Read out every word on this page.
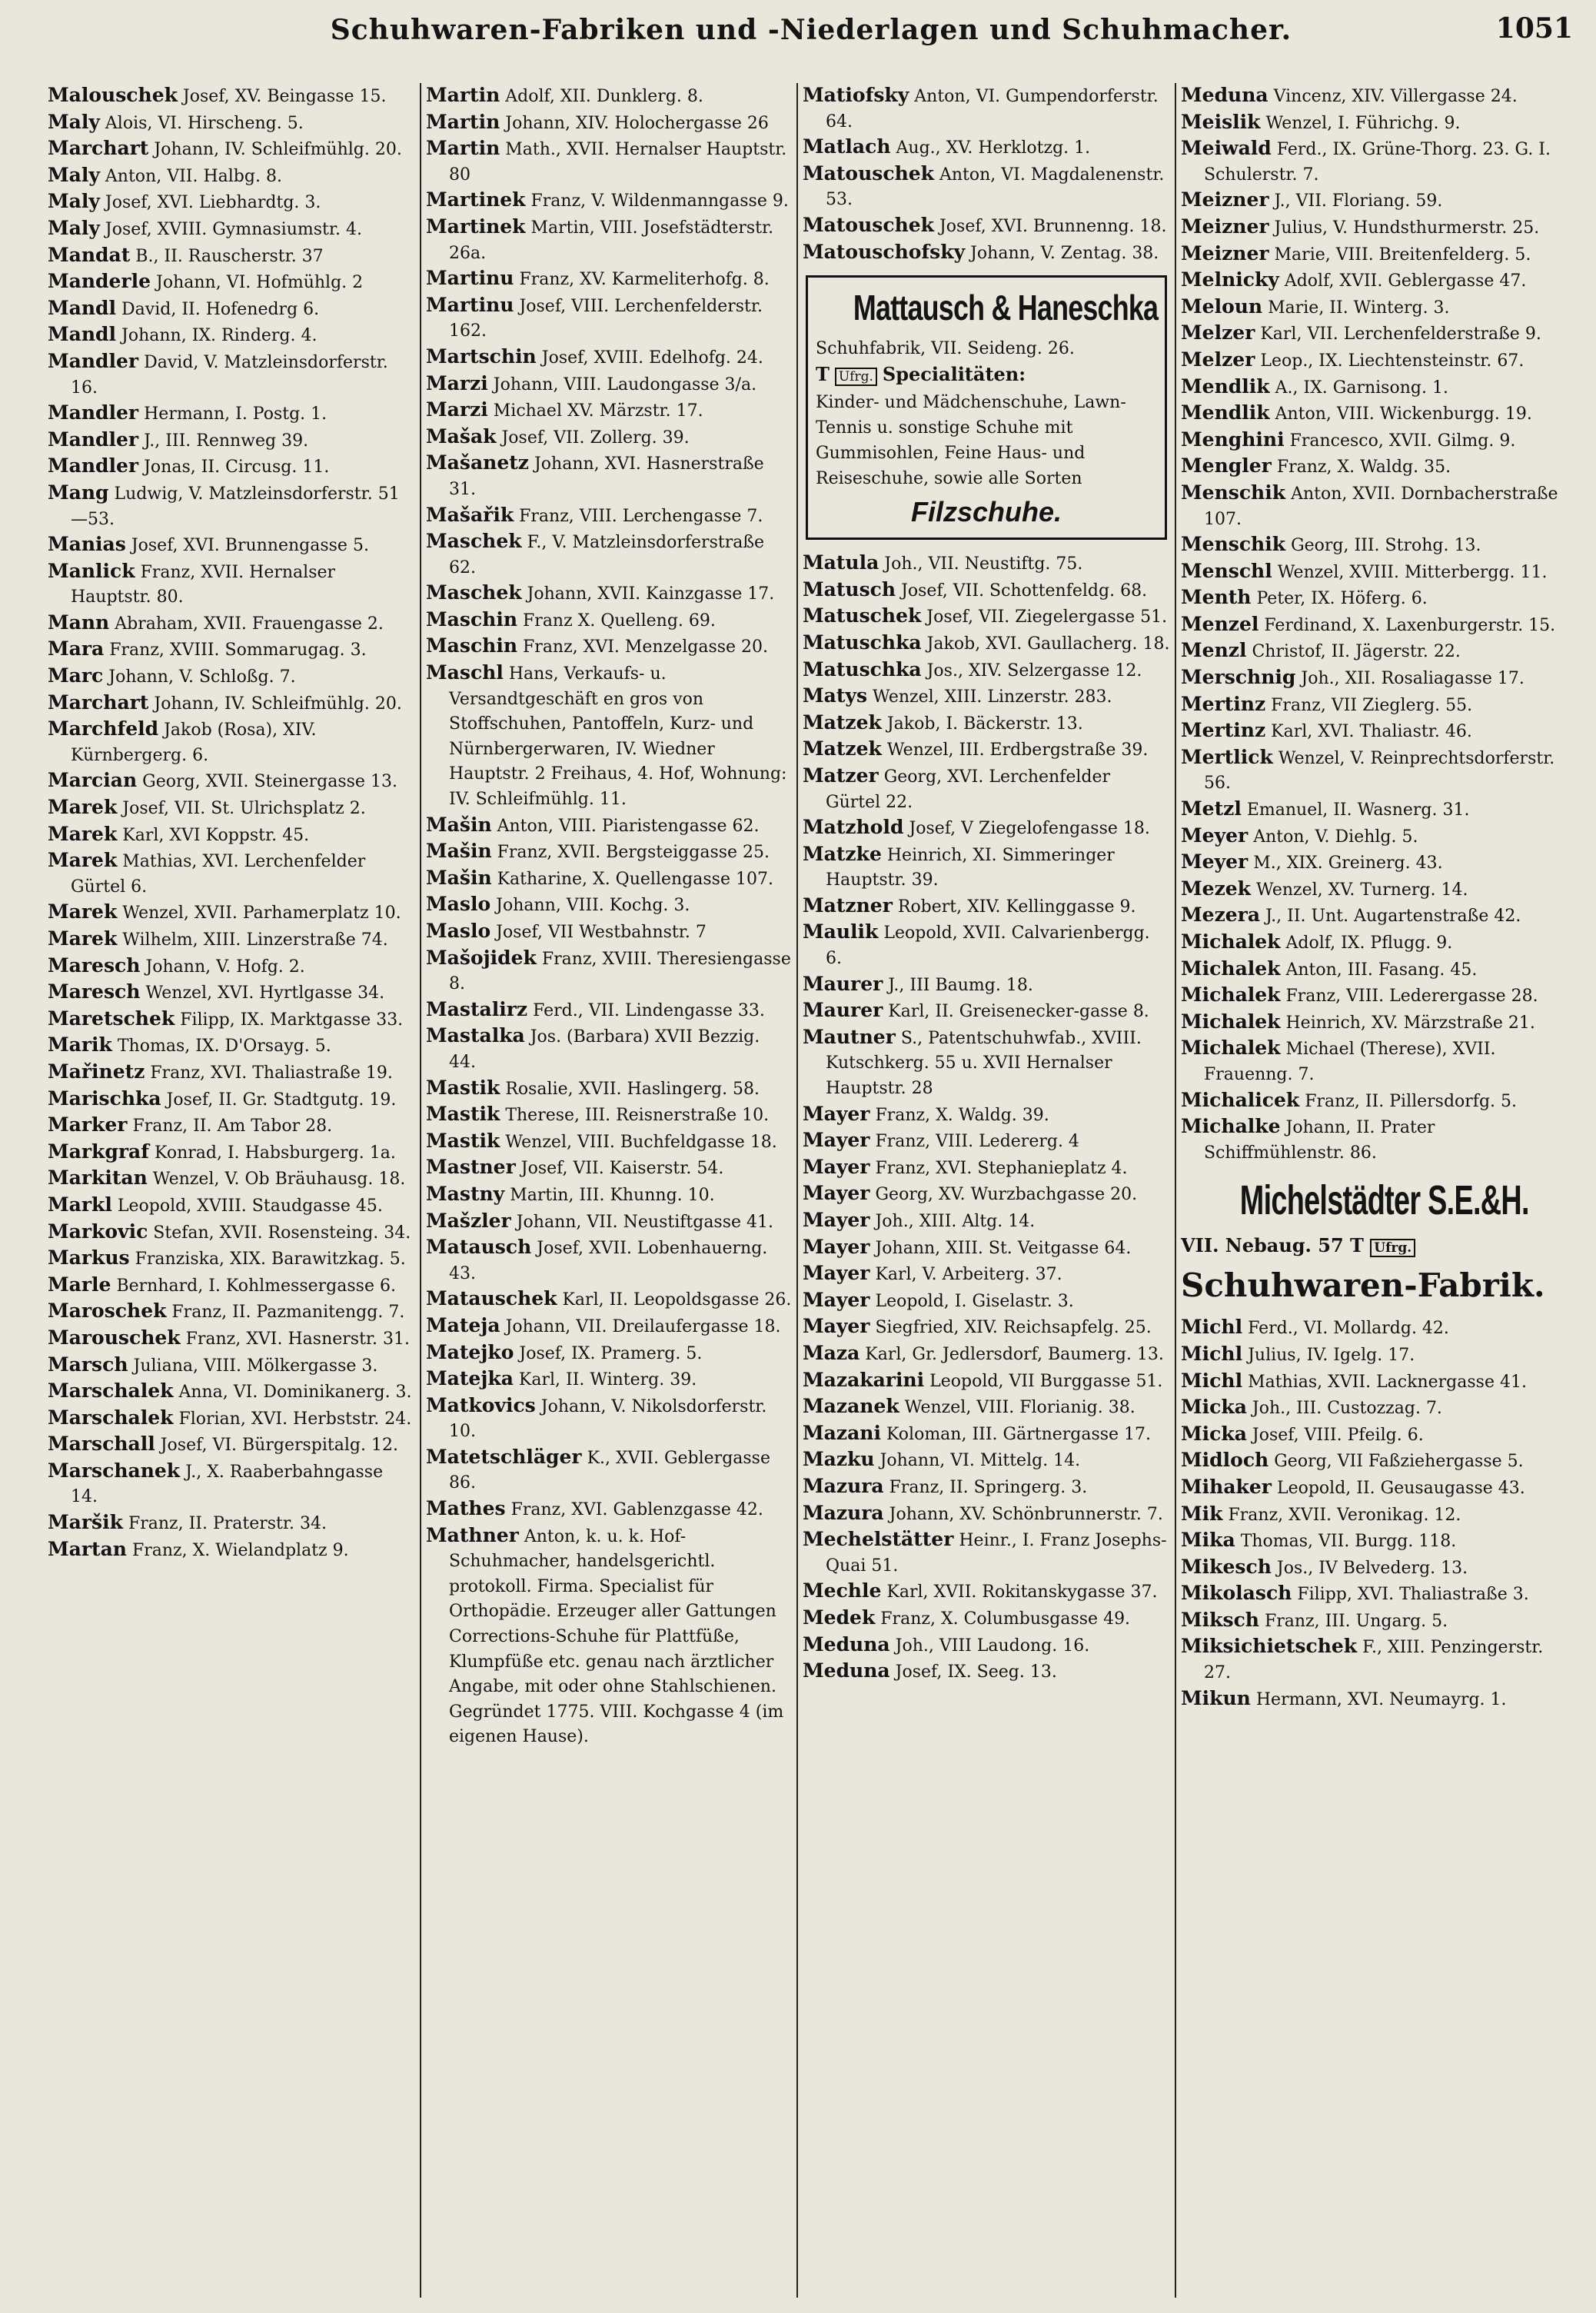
Schuhwaren-Fabriken und -Niederlagen und Schuhmacher.	1051
Malouschek Josef, XV. Beingasse 15.
Maly Alois, VI. Hirscheng. 5.
Marchart Johann, IV. Schleifmühlg. 20.
Maly Anton, VII. Halbg. 8.
Maly Josef, XVI. Liebhardtg. 3.
Maly Josef, XVIII. Gymnasiumstr. 4.
Mandat B., II. Rauscherstr. 37
Manderle Johann, VI. Hofmühlg. 2
Mandl David, II. Hofenedrg 6.
Mandl Johann, IX. Rinderg. 4.
Mandler David, V. Matzleinsdorferstr. 16.
Mandler Hermann, I. Postg. 1.
Mandler J., III. Rennweg 39.
Mandler Jonas, II. Circusg. 11.
Mang Ludwig, V. Matzleinsdorferstr. 51—53.
Manias Josef, XVI. Brunnengasse 5.
Manlick Franz, XVII. Hernalser Hauptstr. 80.
Mann Abraham, XVII. Frauengasse 2.
Mara Franz, XVIII. Sommarugag. 3.
Marc Johann, V. Schloßg. 7.
Marchart Johann, IV. Schleifmühlg. 20.
Marchfeld Jakob (Rosa), XIV. Kürnbergerg. 6.
Marcian Georg, XVII. Steinergasse 13.
Marek Josef, VII. St. Ulrichsplatz 2.
Marek Karl, XVI Koppstr. 45.
Marek Mathias, XVI. Lerchenfelder Gürtel 6.
Marek Wenzel, XVII. Parhamerplatz 10.
Marek Wilhelm, XIII. Linzerstraße 74.
Maresch Johann, V. Hofg. 2.
Maresch Wenzel, XVI. Hyrtlgasse 34.
Maretschek Filipp, IX. Marktgasse 33.
Marik Thomas, IX. D'Orsayg. 5.
Mařinetz Franz, XVI. Thaliastraße 19.
Marischka Josef, II. Gr. Stadtgutg. 19.
Marker Franz, II. Am Tabor 28.
Markgraf Konrad, I. Habsburgerg. 1a.
Markitan Wenzel, V. Ob Bräuhausg. 18.
Markl Leopold, XVIII. Staudgasse 45.
Markovic Stefan, XVII. Rosensteing. 34.
Markus Franziska, XIX. Barawitzkag. 5.
Marle Bernhard, I. Kohlmessergasse 6.
Maroschek Franz, II. Pazmanitengg. 7.
Marouschek Franz, XVI. Hasnerstr. 31.
Marsch Juliana, VIII. Mölkergasse 3.
Marschalek Anna, VI. Dominikanerg. 3.
Marschalek Florian, XVI. Herbststr. 24.
Marschall Josef, VI. Bürgerspitalg. 12.
Marschanek J., X. Raaberbahngasse 14.
Maršik Franz, II. Praterstr. 34.
Martan Franz, X. Wielandplatz 9.
Martin Adolf, XII. Dunklerg. 8.
Martin Johann, XIV. Holochergasse 26
Martin Math., XVII. Hernalser Hauptstr. 80
Martinek Franz, V. Wildenmanngasse 9.
Martinek Martin, VIII. Josefstädterstr. 26a.
Martinu Franz, XV. Karmeliterhofg. 8.
Martinu Josef, VIII. Lerchenfelderstr. 162.
Martschin Josef, XVIII. Edelhofg. 24.
Marzi Johann, VIII. Laudongasse 3/a.
Marzi Michael XV. Märzstr. 17.
Mašak Josef, VII. Zollerg. 39.
Mašanetz Johann, XVI. Hasnerstraße 31.
Mašařik Franz, VIII. Lerchengasse 7.
Maschek F., V. Matzleinsdorferstraße 62.
Maschek Johann, XVII. Kainzgasse 17.
Maschin Franz X. Quelleng. 69.
Maschin Franz, XVI. Menzelgasse 20.
Maschl Hans, Verkaufs- u. Versandtgeschäft en gros von Stoffschuhen, Pantoffeln, Kurz- und Nürnbergerwaren, IV. Wiedner Hauptstr. 2 Freihaus, 4. Hof, Wohnung: IV. Schleifmühlg. 11.
Mašin Anton, VIII. Piaristengasse 62.
Mašin Franz, XVII. Bergsteiggasse 25.
Mašin Katharine, X. Quellengasse 107.
Maslo Johann, VIII. Kochg. 3.
Maslo Josef, VII Westbahnstr. 7
Mašojidek Franz, XVIII. Theresiengasse 8.
Mastalirz Ferd., VII. Lindengasse 33.
Mastalka Jos. (Barbara) XVII Bezzig. 44.
Mastik Rosalie, XVII. Haslingerg. 58.
Mastik Therese, III. Reisnerstraße 10.
Mastik Wenzel, VIII. Buchfeldgasse 18.
Mastner Josef, VII. Kaiserstr. 54.
Mastny Martin, III. Khunng. 10.
Mašzler Johann, VII. Neustiftgasse 41.
Matausch Josef, XVII. Lobenhauerng. 43.
Matauschek Karl, II. Leopoldsgasse 26.
Mateja Johann, VII. Dreilaufergasse 18.
Matejko Josef, IX. Pramerg. 5.
Matejka Karl, II. Winterg. 39.
Matkovics Johann, V. Nikolsdorferstr. 10.
Matetschläger K., XVII. Geblergasse 86.
Mathes Franz, XVI. Gablenzgasse 42.
Mathner Anton, k. u. k. Hof-Schuhmacher, handelsgerichtl. protokoll. Firma. Specialist für Orthopädie. Erzeuger aller Gattungen Corrections-Schuhe für Plattfüße, Klumpfüße etc. genau nach ärztlicher Angabe, mit oder ohne Stahlschienen. Gegründet 1775. VIII. Kochgasse 4 (im eigenen Hause).
Matiofsky Anton, VI. Gumpendorferstr. 64.
Matlach Aug., XV. Herklotzg. 1.
Matouschek Anton, VI. Magdalenenstr. 53.
Matouschek Josef, XVI. Brunnenng. 18.
Matouschofsky Johann, V. Zentag. 38.
Mattausch & Haneschka
Schuhfabrik, VII. Seideng. 26.
T Ufrg. Specialitäten:
Kinder- und Mädchenschuhe, Lawn-Tennis u. sonstige Schuhe mit Gummisohlen, Feine Haus- und Reiseschuhe, sowie alle Sorten
Filzschuhe.
Matula Joh., VII. Neustiftg. 75.
Matusch Josef, VII. Schottenfeldg. 68.
Matuschek Josef, VII. Ziegelergasse 51.
Matuschka Jakob, XVI. Gaullacherg. 18.
Matuschka Jos., XIV. Selzergasse 12.
Matys Wenzel, XIII. Linzerstr. 283.
Matzek Jakob, I. Bäckerstr. 13.
Matzek Wenzel, III. Erdbergstraße 39.
Matzer Georg, XVI. Lerchenfelder Gürtel 22.
Matzhold Josef, V Ziegelofengasse 18.
Matzke Heinrich, XI. Simmeringer Hauptstr. 39.
Matzner Robert, XIV. Kellinggasse 9.
Maulik Leopold, XVII. Calvarienbergg. 6.
Maurer J., III Baumg. 18.
Maurer Karl, II. Greisenecker-gasse 8.
Mautner S., Patentschuhwfab., XVIII. Kutschkerg. 55 u. XVII Hernalser Hauptstr. 28
Mayer Franz, X. Waldg. 39.
Mayer Franz, VIII. Ledererg. 4
Mayer Franz, XVI. Stephanieplatz 4.
Mayer Georg, XV. Wurzbachgasse 20.
Mayer Joh., XIII. Altg. 14.
Mayer Johann, XIII. St. Veitgasse 64.
Mayer Karl, V. Arbeiterg. 37.
Mayer Leopold, I. Giselastr. 3.
Mayer Siegfried, XIV. Reichsapfelg. 25.
Maza Karl, Gr. Jedlersdorf, Baumerg. 13.
Mazakarini Leopold, VII Burggasse 51.
Mazanek Wenzel, VIII. Florianig. 38.
Mazani Koloman, III. Gärtnergasse 17.
Mazku Johann, VI. Mittelg. 14.
Mazura Franz, II. Springerg. 3.
Mazura Johann, XV. Schönbrunnerstr. 7.
Mechelstätter Heinr., I. Franz Josephs-Quai 51.
Mechle Karl, XVII. Rokitanskygasse 37.
Medek Franz, X. Columbusgasse 49.
Meduna Joh., VIII Laudong. 16.
Meduna Josef, IX. Seeg. 13.
Meduna Vincenz, XIV. Villergasse 24.
Meislik Wenzel, I. Führichg. 9.
Meiwald Ferd., IX. Grüne-Thorg. 23. G. I. Schulerstr. 7.
Meizner J., VII. Floriang. 59.
Meizner Julius, V. Hundsthurmerstr. 25.
Meizner Marie, VIII. Breitenfelderg. 5.
Melnicky Adolf, XVII. Geblergasse 47.
Meloun Marie, II. Winterg. 3.
Melzer Karl, VII. Lerchenfelderstraße 9.
Melzer Leop., IX. Liechtensteinstr. 67.
Mendlik A., IX. Garnisong. 1.
Mendlik Anton, VIII. Wickenburgg. 19.
Menghini Francesco, XVII. Gilmg. 9.
Mengler Franz, X. Waldg. 35.
Menschik Anton, XVII. Dornbacherstraße 107.
Menschik Georg, III. Strohg. 13.
Menschl Wenzel, XVIII. Mitterbergg. 11.
Menth Peter, IX. Höferg. 6.
Menzel Ferdinand, X. Laxenburgerstr. 15.
Menzl Christof, II. Jägerstr. 22.
Merschnig Joh., XII. Rosaliagasse 17.
Mertinz Franz, VII Zieglerg. 55.
Mertinz Karl, XVI. Thaliastr. 46.
Mertlick Wenzel, V. Reinprechtsdorferstr. 56.
Metzl Emanuel, II. Wasnerg. 31.
Meyer Anton, V. Diehlg. 5.
Meyer M., XIX. Greinerg. 43.
Mezek Wenzel, XV. Turnerg. 14.
Mezera J., II. Unt. Augartenstraße 42.
Michalek Adolf, IX. Pflugg. 9.
Michalek Anton, III. Fasang. 45.
Michalek Franz, VIII. Lederergasse 28.
Michalek Heinrich, XV. Märzstraße 21.
Michalek Michael (Therese), XVII. Frauenng. 7.
Michalicek Franz, II. Pillersdorfg. 5.
Michalke Johann, II. Prater Schiffmühlenstr. 86.
Michelstädter S.E.&H.
VII. Nebaug. 57 T Ufrg.
Schuhwaren-Fabrik.
Michl Ferd., VI. Mollardg. 42.
Michl Julius, IV. Igelg. 17.
Michl Mathias, XVII. Lacknergasse 41.
Micka Joh., III. Custozzag. 7.
Micka Josef, VIII. Pfeilg. 6.
Midloch Georg, VII Faßziehergasse 5.
Mihaker Leopold, II. Geusaugasse 43.
Mik Franz, XVII. Veronikag. 12.
Mika Thomas, VII. Burgg. 118.
Mikesch Jos., IV Belvederg. 13.
Mikolasch Filipp, XVI. Thaliastraße 3.
Miksch Franz, III. Ungarg. 5.
Miksichietschek F., XIII. Penzingerstr. 27.
Mikun Hermann, XVI. Neumayrg. 1.
